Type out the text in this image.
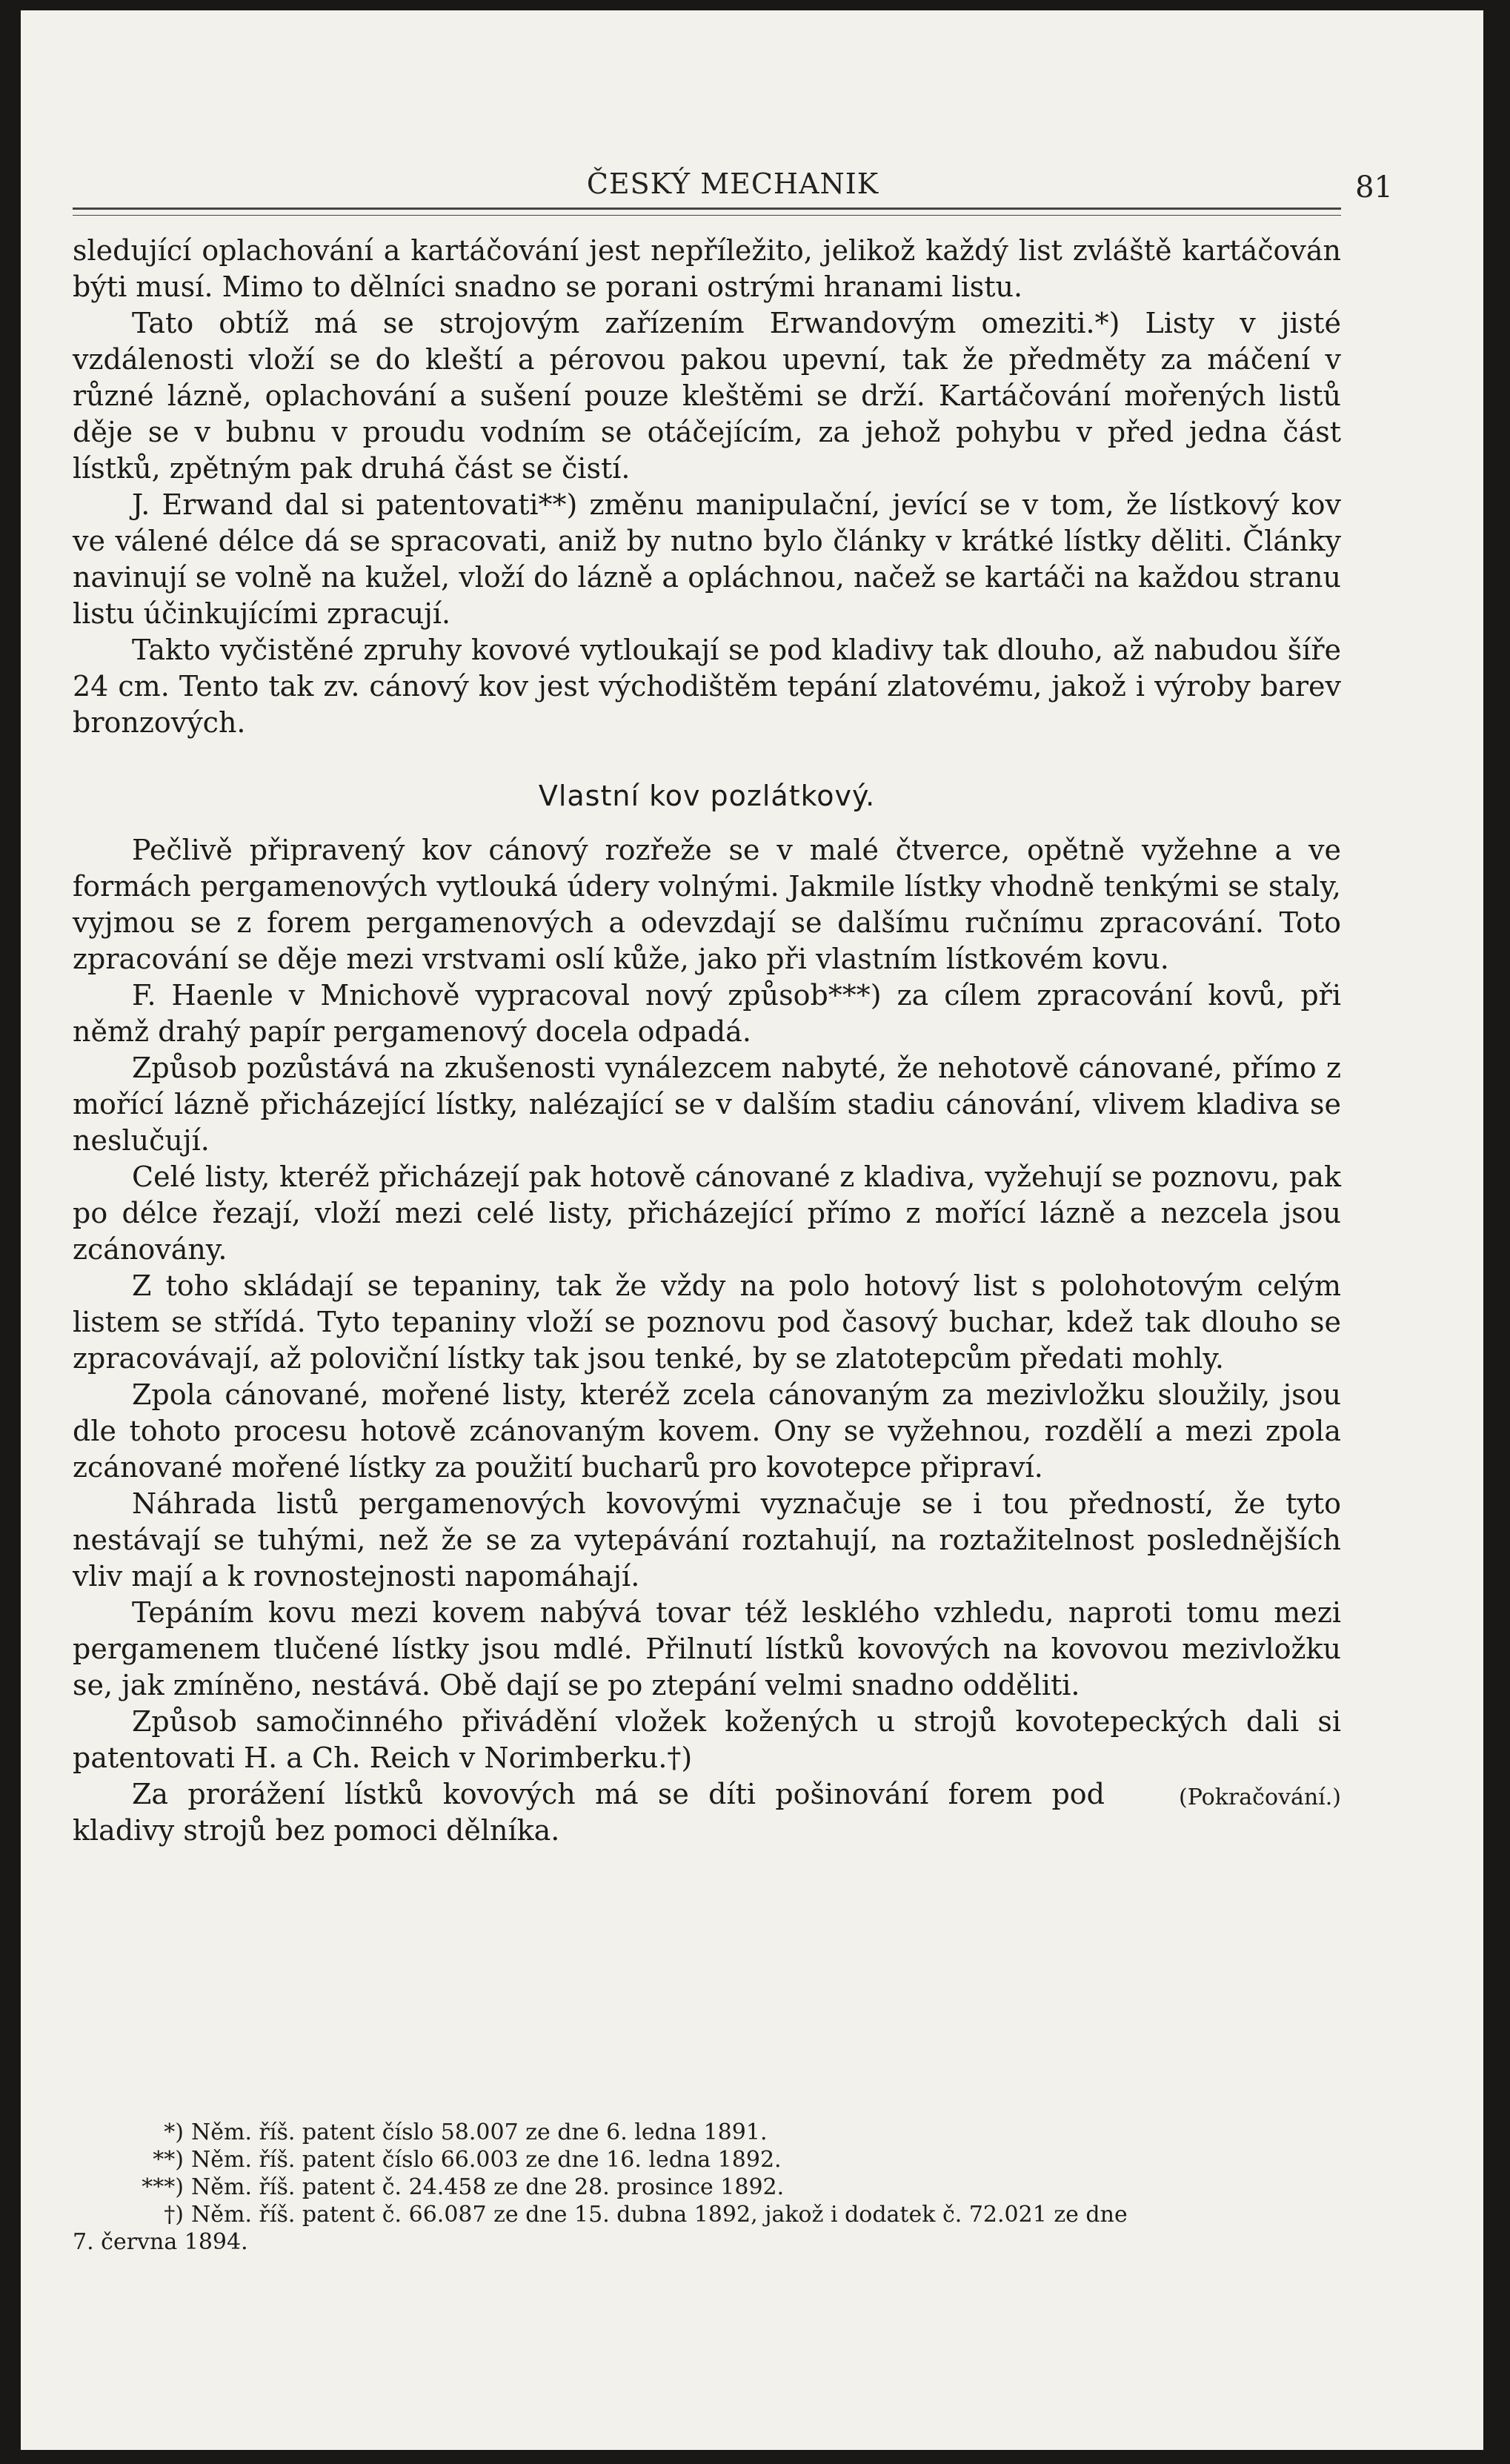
ČESKÝ MECHANIK	81

sledující oplachování a kartáčování jest nepříležito, jelikož každý list zvláště kartáčován býti musí. Mimo to dělníci snadno se porani ostrými hranami listu.

Tato obtíž má se strojovým zařízením Erwandovým omeziti.*) Listy v jisté vzdálenosti vloží se do kleští a pérovou pakou upevní, tak že předměty za máčení v různé lázně, oplachování a sušení pouze kleštěmi se drží. Kartáčování mořených listů děje se v bubnu v proudu vodním se otáčejícím, za jehož pohybu v před jedna část lístků, zpětným pak druhá část se čistí.

J. Erwand dal si patentovati**) změnu manipulační, jevící se v tom, že lístkový kov ve válené délce dá se spracovati, aniž by nutno bylo články v krátké lístky děliti. Články navinují se volně na kužel, vloží do lázně a opláchnou, načež se kartáči na každou stranu listu účinkujícími zpracují.

Takto vyčistěné zpruhy kovové vytloukají se pod kladivy tak dlouho, až nabudou šíře 24 cm. Tento tak zv. cánový kov jest východištěm tepání zlatovému, jakož i výroby barev bronzových.

Vlastní kov pozlátkový.

Pečlivě připravený kov cánový rozřeže se v malé čtverce, opětně vyžehne a ve formách pergamenových vytlouká údery volnými. Jakmile lístky vhodně tenkými se staly, vyjmou se z forem pergamenových a odevzdají se dalšímu ručnímu zpracování. Toto zpracování se děje mezi vrstvami oslí kůže, jako při vlastním lístkovém kovu.

F. Haenle v Mnichově vypracoval nový způsob***) za cílem zpracování kovů, při němž drahý papír pergamenový docela odpadá.

Způsob pozůstává na zkušenosti vynálezcem nabyté, že nehotově cánované, přímo z mořící lázně přicházející lístky, nalézající se v dalším stadiu cánování, vlivem kladiva se neslučují.

Celé listy, kteréž přicházejí pak hotově cánované z kladiva, vyžehují se poznovu, pak po délce řezají, vloží mezi celé listy, přicházející přímo z mořící lázně a nezcela jsou zcánovány.

Z toho skládají se tepaniny, tak že vždy na polo hotový list s polohotovým celým listem se střídá. Tyto tepaniny vloží se poznovu pod časový buchar, kdež tak dlouho se zpracovávají, až poloviční lístky tak jsou tenké, by se zlatotepcům předati mohly.

Zpola cánované, mořené listy, kteréž zcela cánovaným za mezivložku sloužily, jsou dle tohoto procesu hotově zcánovaným kovem. Ony se vyžehnou, rozdělí a mezi zpola zcánované mořené lístky za použití bucharů pro kovotepce připraví.

Náhrada listů pergamenových kovovými vyznačuje se i tou předností, že tyto nestávají se tuhými, než že se za vytepávání roztahují, na roztažitelnost poslednějších vliv mají a k rovnostejnosti napomáhají.

Tepáním kovu mezi kovem nabývá tovar též lesklého vzhledu, naproti tomu mezi pergamenem tlučené lístky jsou mdlé. Přilnutí lístků kovových na kovovou mezivložku se, jak zmíněno, nestává. Obě dají se po ztepání velmi snadno odděliti.

Způsob samočinného přivádění vložek kožených u strojů kovotepeckých dali si patentovati H. a Ch. Reich v Norimberku.†)

(Pokračování.)
Za prorážení lístků kovových má se díti pošinování forem pod kladivy strojů bez pomoci dělníka.

*) Něm. říš. patent číslo 58.007 ze dne 6. ledna 1891.
**) Něm. říš. patent číslo 66.003 ze dne 16. ledna 1892.
***) Něm. říš. patent č. 24.458 ze dne 28. prosince 1892.
†) Něm. říš. patent č. 66.087 ze dne 15. dubna 1892, jakož i dodatek č. 72.021 ze dne
7. června 1894.
